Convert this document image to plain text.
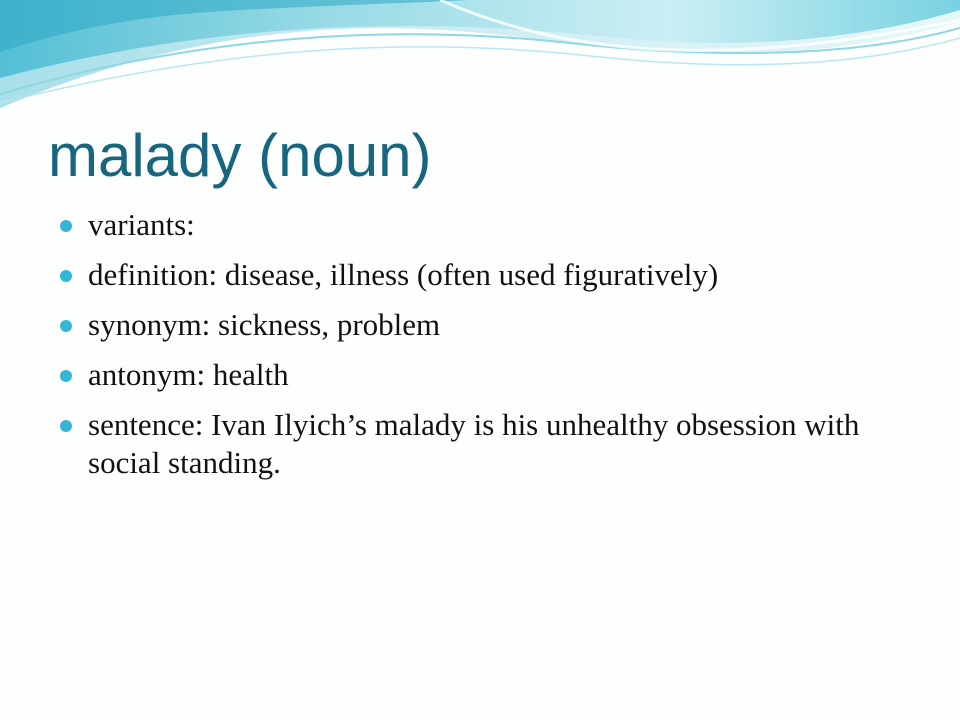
malady (noun)
variants:
definition: disease, illness (often used figuratively)
synonym: sickness, problem
antonym: health
sentence: Ivan Ilyich’s malady is his unhealthy obsession with social standing.
